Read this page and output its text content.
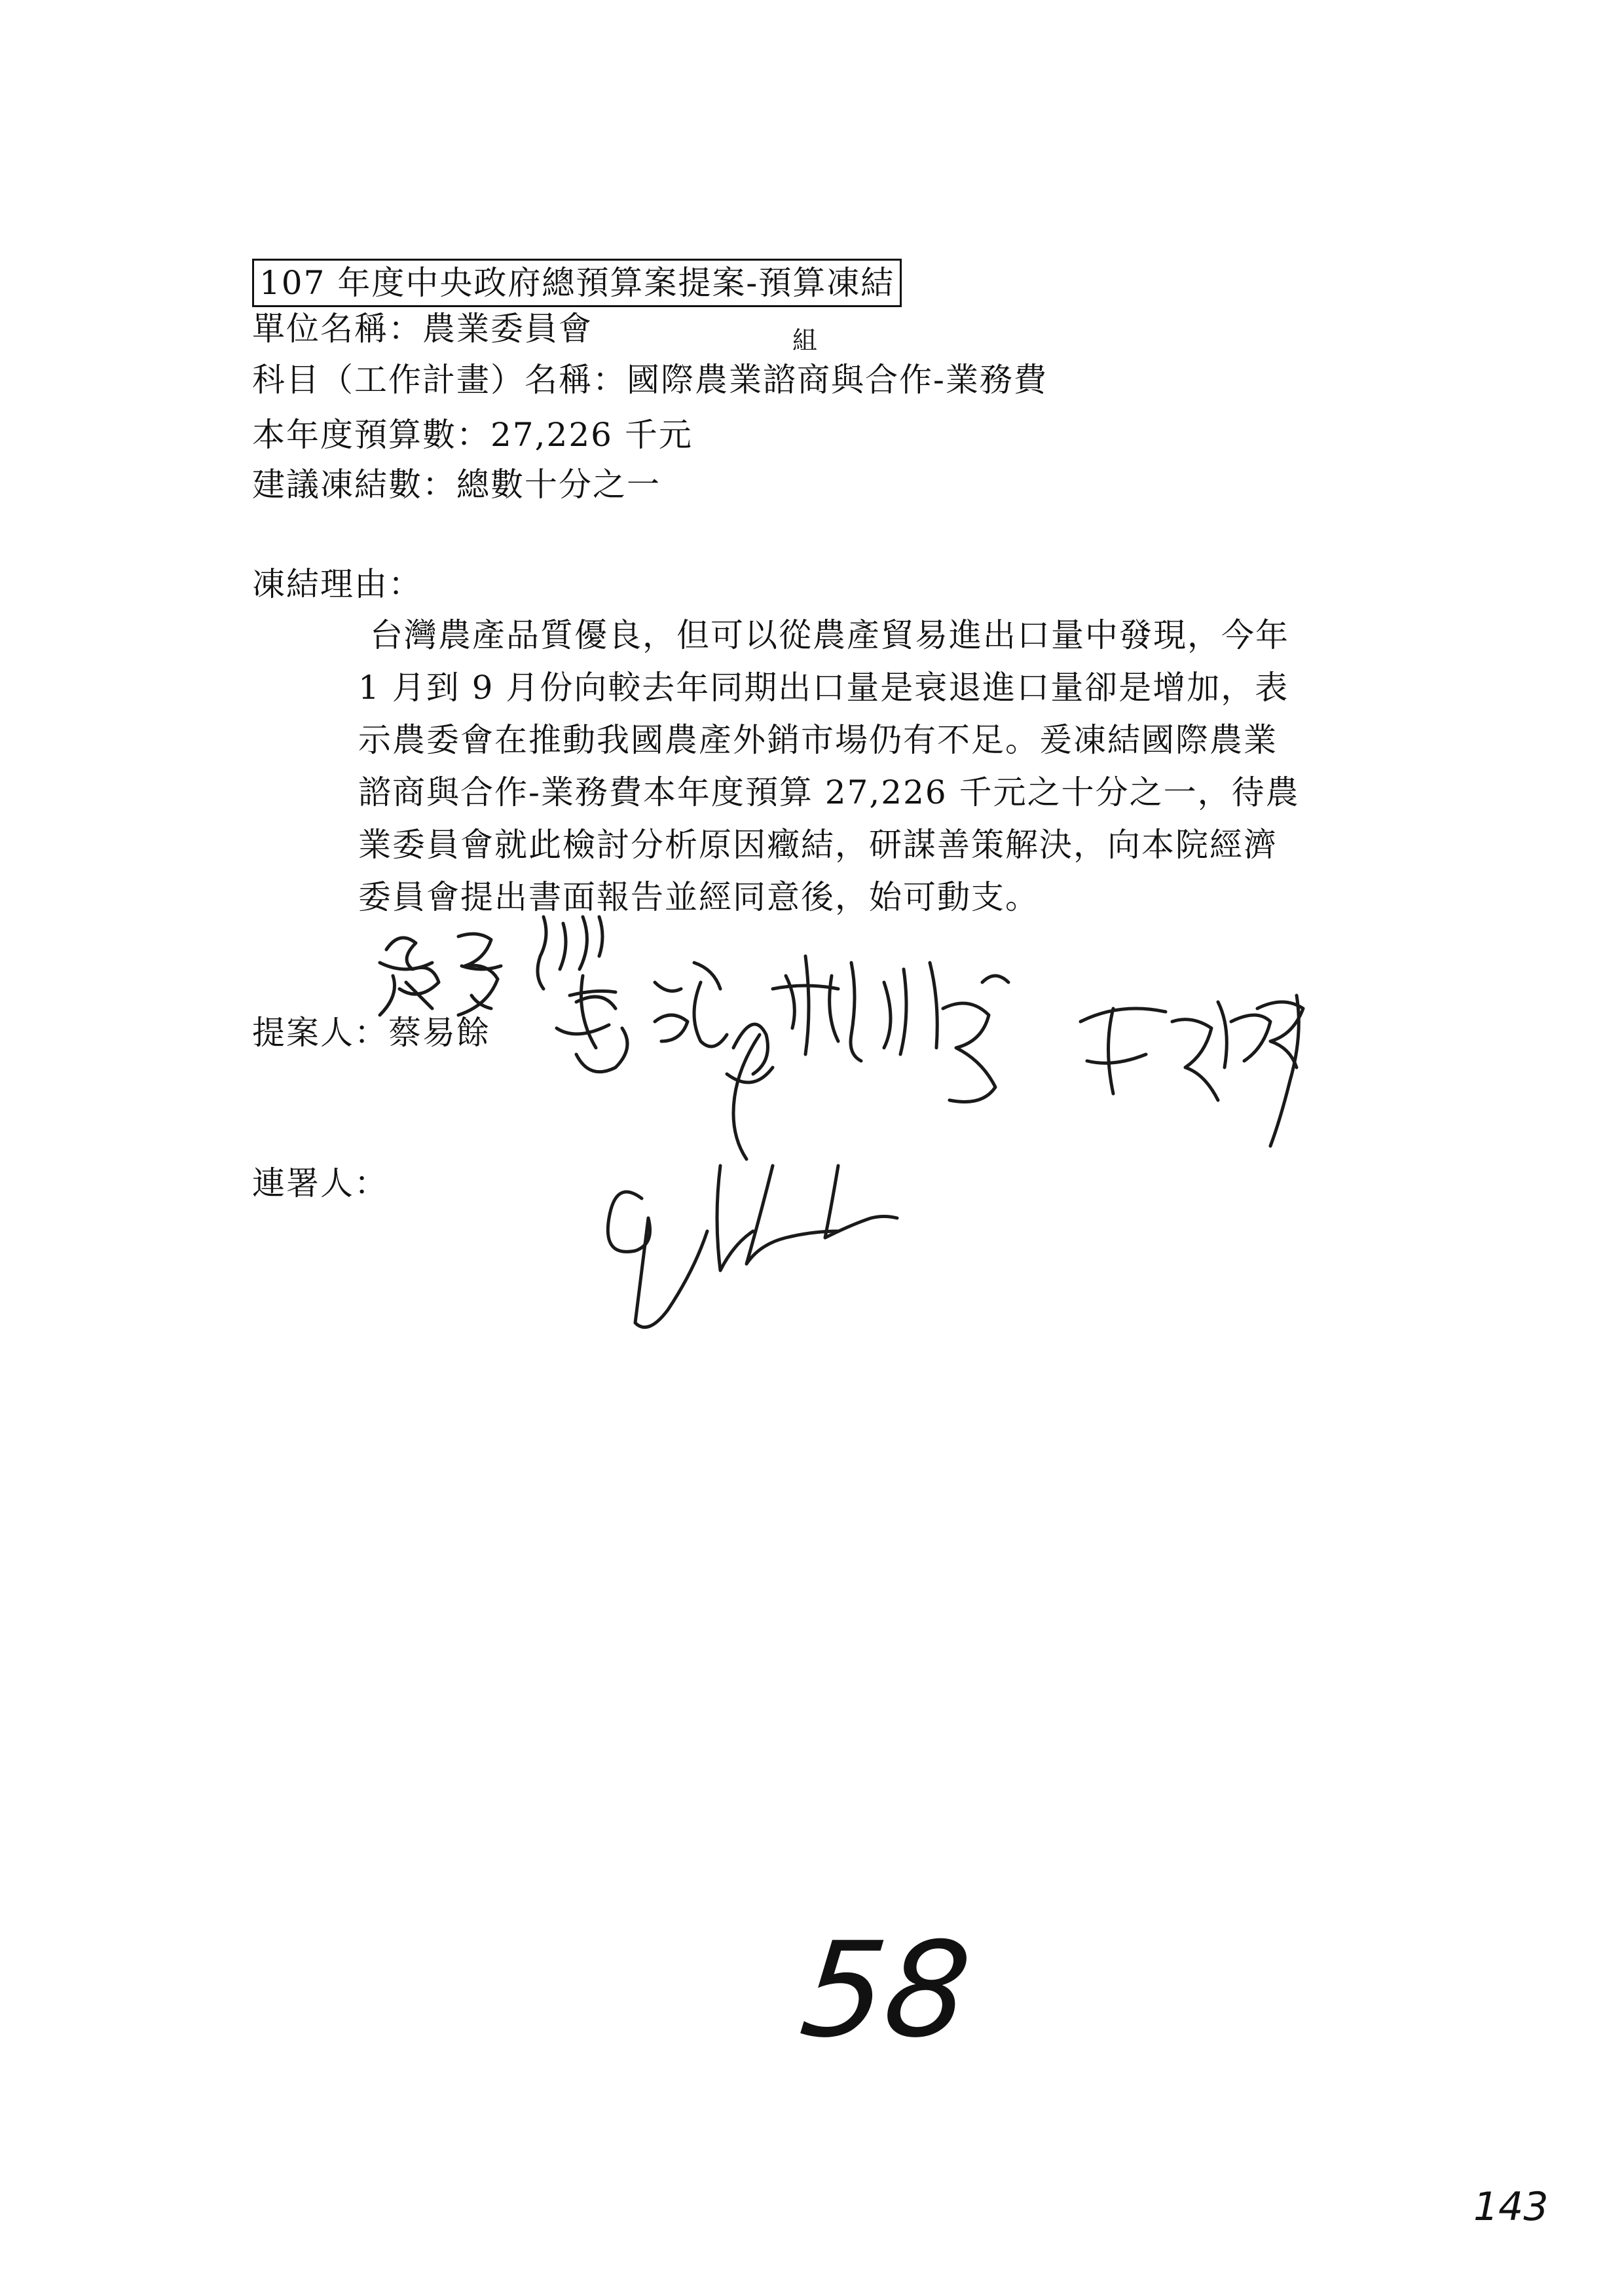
107 年度中央政府總預算案提案-預算凍結
單位名稱：農業委員會	組
科目（工作計畫）名稱：國際農業諮商與合作-業務費
本年度預算數：27,226 千元
建議凍結數：總數十分之一
凍結理由：
台灣農產品質優良，但可以從農產貿易進出口量中發現，今年
1 月到 9 月份向較去年同期出口量是衰退進口量卻是增加，表
示農委會在推動我國農產外銷市場仍有不足。爰凍結國際農業
諮商與合作-業務費本年度預算 27,226 千元之十分之一，待農
業委員會就此檢討分析原因癥結，研謀善策解決，向本院經濟
委員會提出書面報告並經同意後，始可動支。
提案人：蔡易餘
連署人：
58
143
